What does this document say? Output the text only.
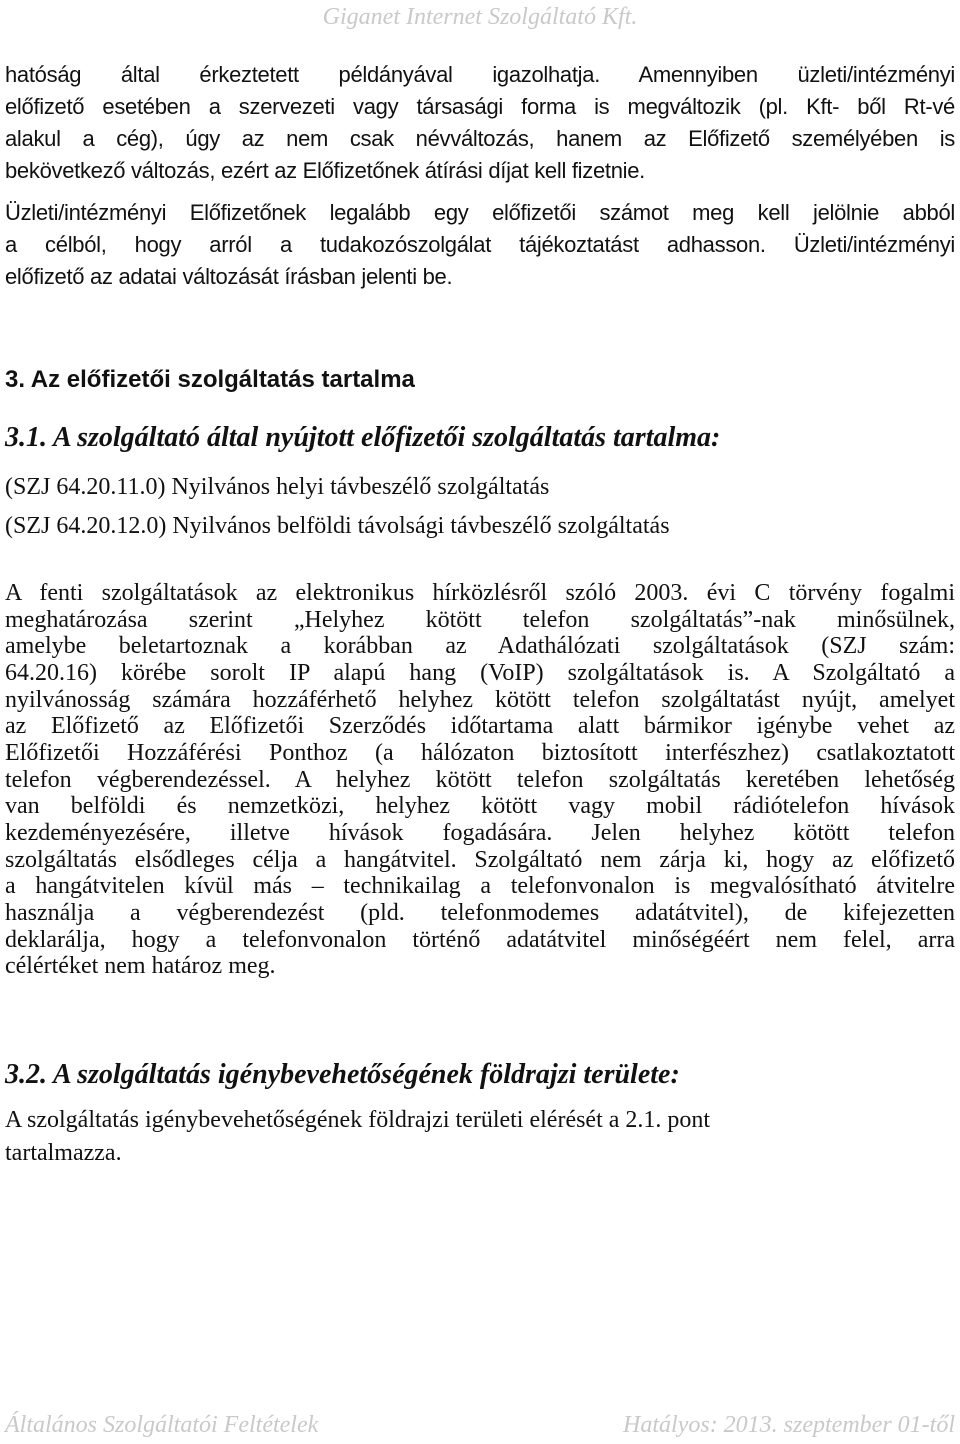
Giganet Internet Szolgáltató Kft.
hatóság által érkeztetett példányával igazolhatja. Amennyiben üzleti/intézményi
előfizető esetében a szervezeti vagy társasági forma is megváltozik (pl. Kft- ből Rt-vé
alakul a cég), úgy az nem csak névváltozás, hanem az Előfizető személyében is
bekövetkező változás, ezért az Előfizetőnek átírási díjat kell fizetnie.
Üzleti/intézményi Előfizetőnek legalább egy előfizetői számot meg kell jelölnie abból
a célból, hogy arról a tudakozószolgálat tájékoztatást adhasson. Üzleti/intézményi
előfizető az adatai változását írásban jelenti be.
3. Az előfizetői szolgáltatás tartalma
3.1. A szolgáltató által nyújtott előfizetői szolgáltatás tartalma:
(SZJ 64.20.11.0) Nyilvános helyi távbeszélő szolgáltatás
(SZJ 64.20.12.0) Nyilvános belföldi távolsági távbeszélő szolgáltatás
A fenti szolgáltatások az elektronikus hírközlésről szóló 2003. évi C törvény fogalmi
meghatározása szerint „Helyhez kötött telefon szolgáltatás”-nak minősülnek,
amelybe beletartoznak a korábban az Adathálózati szolgáltatások (SZJ szám:
64.20.16) körébe sorolt IP alapú hang (VoIP) szolgáltatások is. A Szolgáltató a
nyilvánosság számára hozzáférhető helyhez kötött telefon szolgáltatást nyújt, amelyet
az Előfizető az Előfizetői Szerződés időtartama alatt bármikor igénybe vehet az
Előfizetői Hozzáférési Ponthoz (a hálózaton biztosított interfészhez) csatlakoztatott
telefon végberendezéssel. A helyhez kötött telefon szolgáltatás keretében lehetőség
van belföldi és nemzetközi, helyhez kötött vagy mobil rádiótelefon hívások
kezdeményezésére, illetve hívások fogadására. Jelen helyhez kötött telefon
szolgáltatás elsődleges célja a hangátvitel. Szolgáltató nem zárja ki, hogy az előfizető
a hangátvitelen kívül más – technikailag a telefonvonalon is megvalósítható átvitelre
használja a végberendezést (pld. telefonmodemes adatátvitel), de kifejezetten
deklarálja, hogy a telefonvonalon történő adatátvitel minőségéért nem felel, arra
célértéket nem határoz meg.
3.2. A szolgáltatás igénybevehetőségének földrajzi területe:
A szolgáltatás igénybevehetőségének földrajzi területi elérését a 2.1. pont
tartalmazza.
Általános Szolgáltatói Feltételek	Hatályos: 2013. szeptember 01-től
